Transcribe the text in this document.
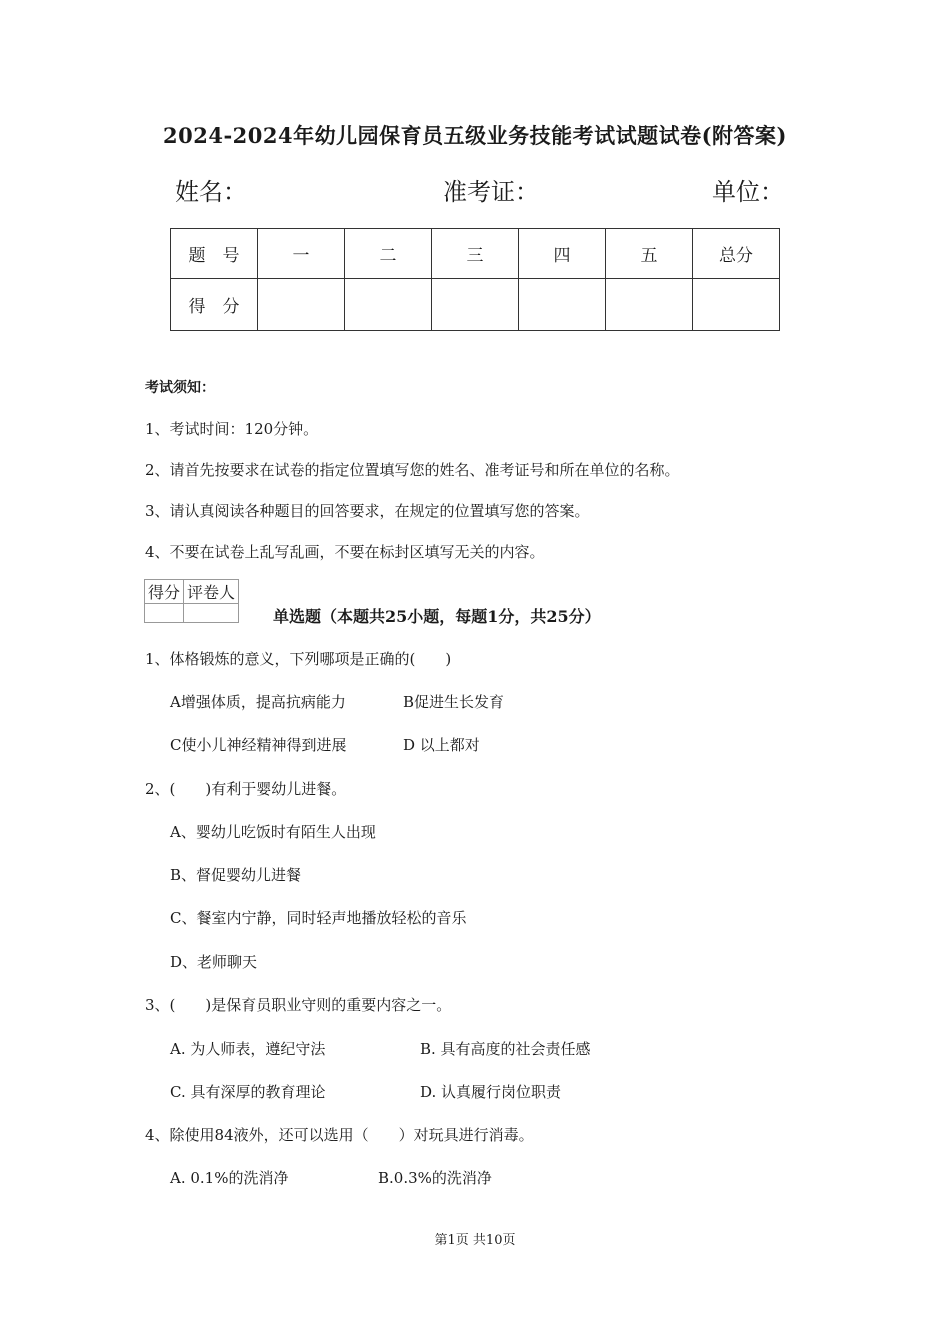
2024-2024年幼儿园保育员五级业务技能考试试题试卷(附答案)
姓名：	准考证：	单位：
题　号	一	二	三	四	五	总分
得　分						
考试须知：
1、考试时间：120分钟。
2、请首先按要求在试卷的指定位置填写您的姓名、准考证号和所在单位的名称。
3、请认真阅读各种题目的回答要求，在规定的位置填写您的答案。
4、不要在试卷上乱写乱画，不要在标封区填写无关的内容。
得分	评卷人

单选题（本题共25小题，每题1分，共25分）
1、体格锻炼的意义，下列哪项是正确的(　　)
A增强体质，提高抗病能力	B促进生长发育
C使小儿神经精神得到进展	D 以上都对
2、(　　)有利于婴幼儿进餐。
A、婴幼儿吃饭时有陌生人出现
B、督促婴幼儿进餐
C、餐室内宁静，同时轻声地播放轻松的音乐
D、老师聊天
3、(　　)是保育员职业守则的重要内容之一。
A. 为人师表，遵纪守法	B. 具有高度的社会责任感
C. 具有深厚的教育理论	D. 认真履行岗位职责
4、除使用84液外，还可以选用（　　）对玩具进行消毒。
A. 0.1%的洗消净	B.0.3%的洗消净
第1页 共10页
